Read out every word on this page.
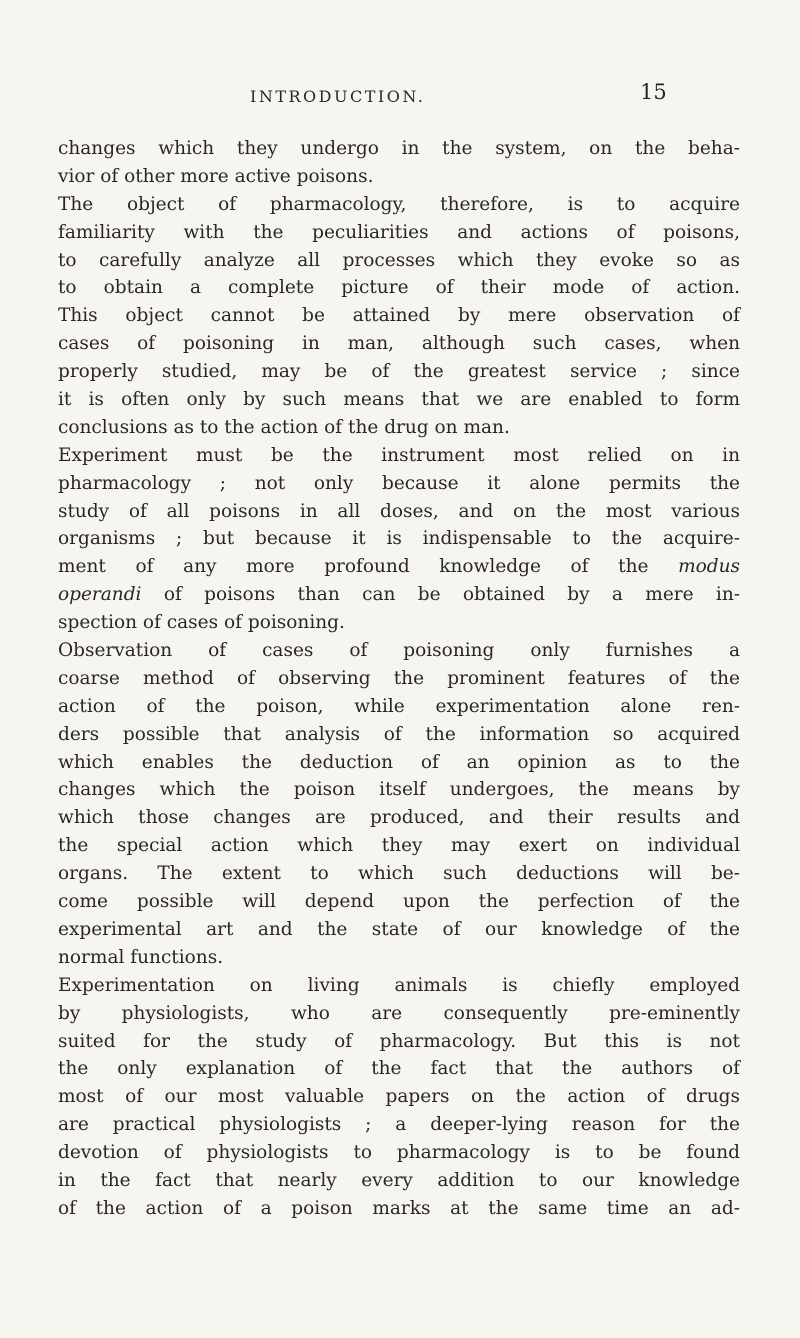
INTRODUCTION.	15
changes which they undergo in the system, on the beha-
vior of other more active poisons.
The object of pharmacology, therefore, is to acquire
familiarity with the peculiarities and actions of poisons,
to carefully analyze all processes which they evoke so as
to obtain a complete picture of their mode of action.
This object cannot be attained by mere observation of
cases of poisoning in man, although such cases, when
properly studied, may be of the greatest service ; since
it is often only by such means that we are enabled to form
conclusions as to the action of the drug on man.
Experiment must be the instrument most relied on in
pharmacology ; not only because it alone permits the
study of all poisons in all doses, and on the most various
organisms ; but because it is indispensable to the acquire-
ment of any more profound knowledge of the modus
operandi of poisons than can be obtained by a mere in-
spection of cases of poisoning.
Observation of cases of poisoning only furnishes a
coarse method of observing the prominent features of the
action of the poison, while experimentation alone ren-
ders possible that analysis of the information so acquired
which enables the deduction of an opinion as to the
changes which the poison itself undergoes, the means by
which those changes are produced, and their results and
the special action which they may exert on individual
organs. The extent to which such deductions will be-
come possible will depend upon the perfection of the
experimental art and the state of our knowledge of the
normal functions.
Experimentation on living animals is chiefly employed
by physiologists, who are consequently pre-eminently
suited for the study of pharmacology. But this is not
the only explanation of the fact that the authors of
most of our most valuable papers on the action of drugs
are practical physiologists ; a deeper-lying reason for the
devotion of physiologists to pharmacology is to be found
in the fact that nearly every addition to our knowledge
of the action of a poison marks at the same time an ad-
